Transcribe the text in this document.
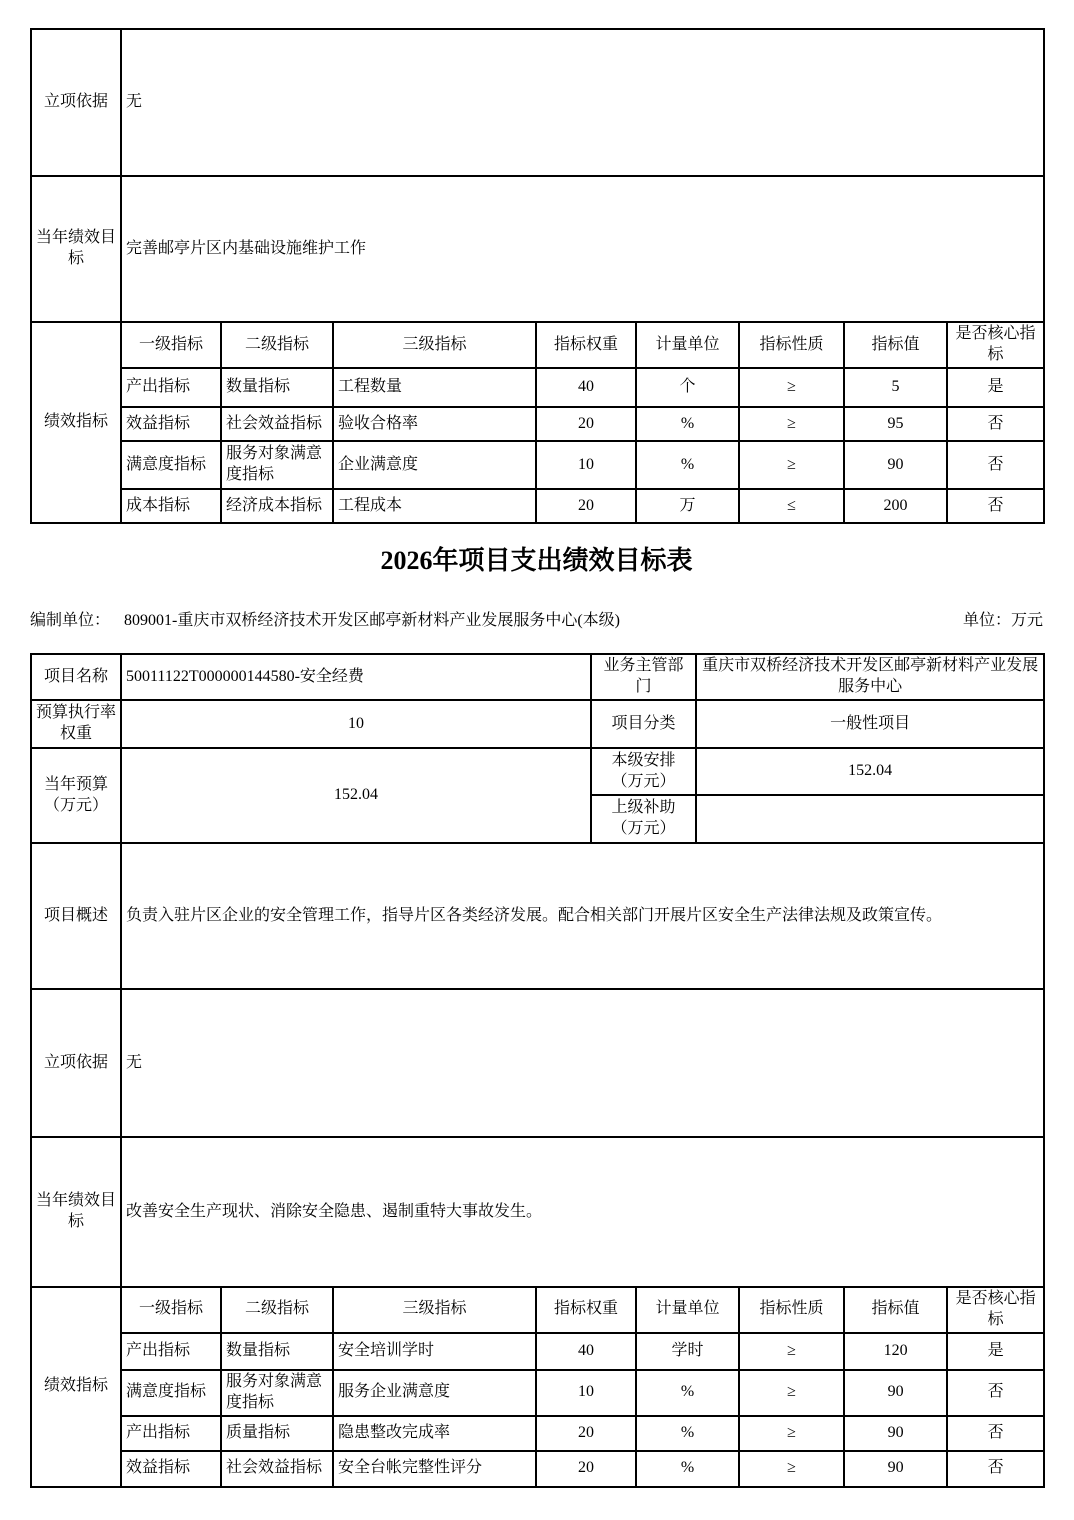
立项依据	无							
当年绩效目标	完善邮亭片区内基础设施维护工作							
绩效指标	一级指标	二级指标	三级指标	指标权重	计量单位	指标性质	指标值	是否核心指标
	产出指标	数量指标	工程数量	40	个	≥	5	是
	效益指标	社会效益指标	验收合格率	20	%	≥	95	否
	满意度指标	服务对象满意度指标	企业满意度	10	%	≥	90	否
	成本指标	经济成本指标	工程成本	20	万	≤	200	否
2026年项目支出绩效目标表
编制单位： 809001-重庆市双桥经济技术开发区邮亭新材料产业发展服务中心(本级)	单位：万元
项目名称	50011122T000000144580-安全经费				业务主管部门		重庆市双桥经济技术开发区邮亭新材料产业发展服务中心			
预算执行率权重	10				项目分类		一般性项目			
当年预算（万元）	152.04				本级安排（万元）		152.04			
					上级补助（万元）					
项目概述	负责入驻片区企业的安全管理工作，指导片区各类经济发展。配合相关部门开展片区安全生产法律法规及政策宣传。									
立项依据	无									
当年绩效目标	改善安全生产现状、消除安全隐患、遏制重特大事故发生。									
绩效指标	一级指标	二级指标	三级指标	指标权重		计量单位		指标性质	指标值	是否核心指标
	产出指标	数量指标	安全培训学时	40		学时		≥	120	是
	满意度指标	服务对象满意度指标	服务企业满意度	10		%		≥	90	否
	产出指标	质量指标	隐患整改完成率	20		%		≥	90	否
	效益指标	社会效益指标	安全台帐完整性评分	20		%		≥	90	否
